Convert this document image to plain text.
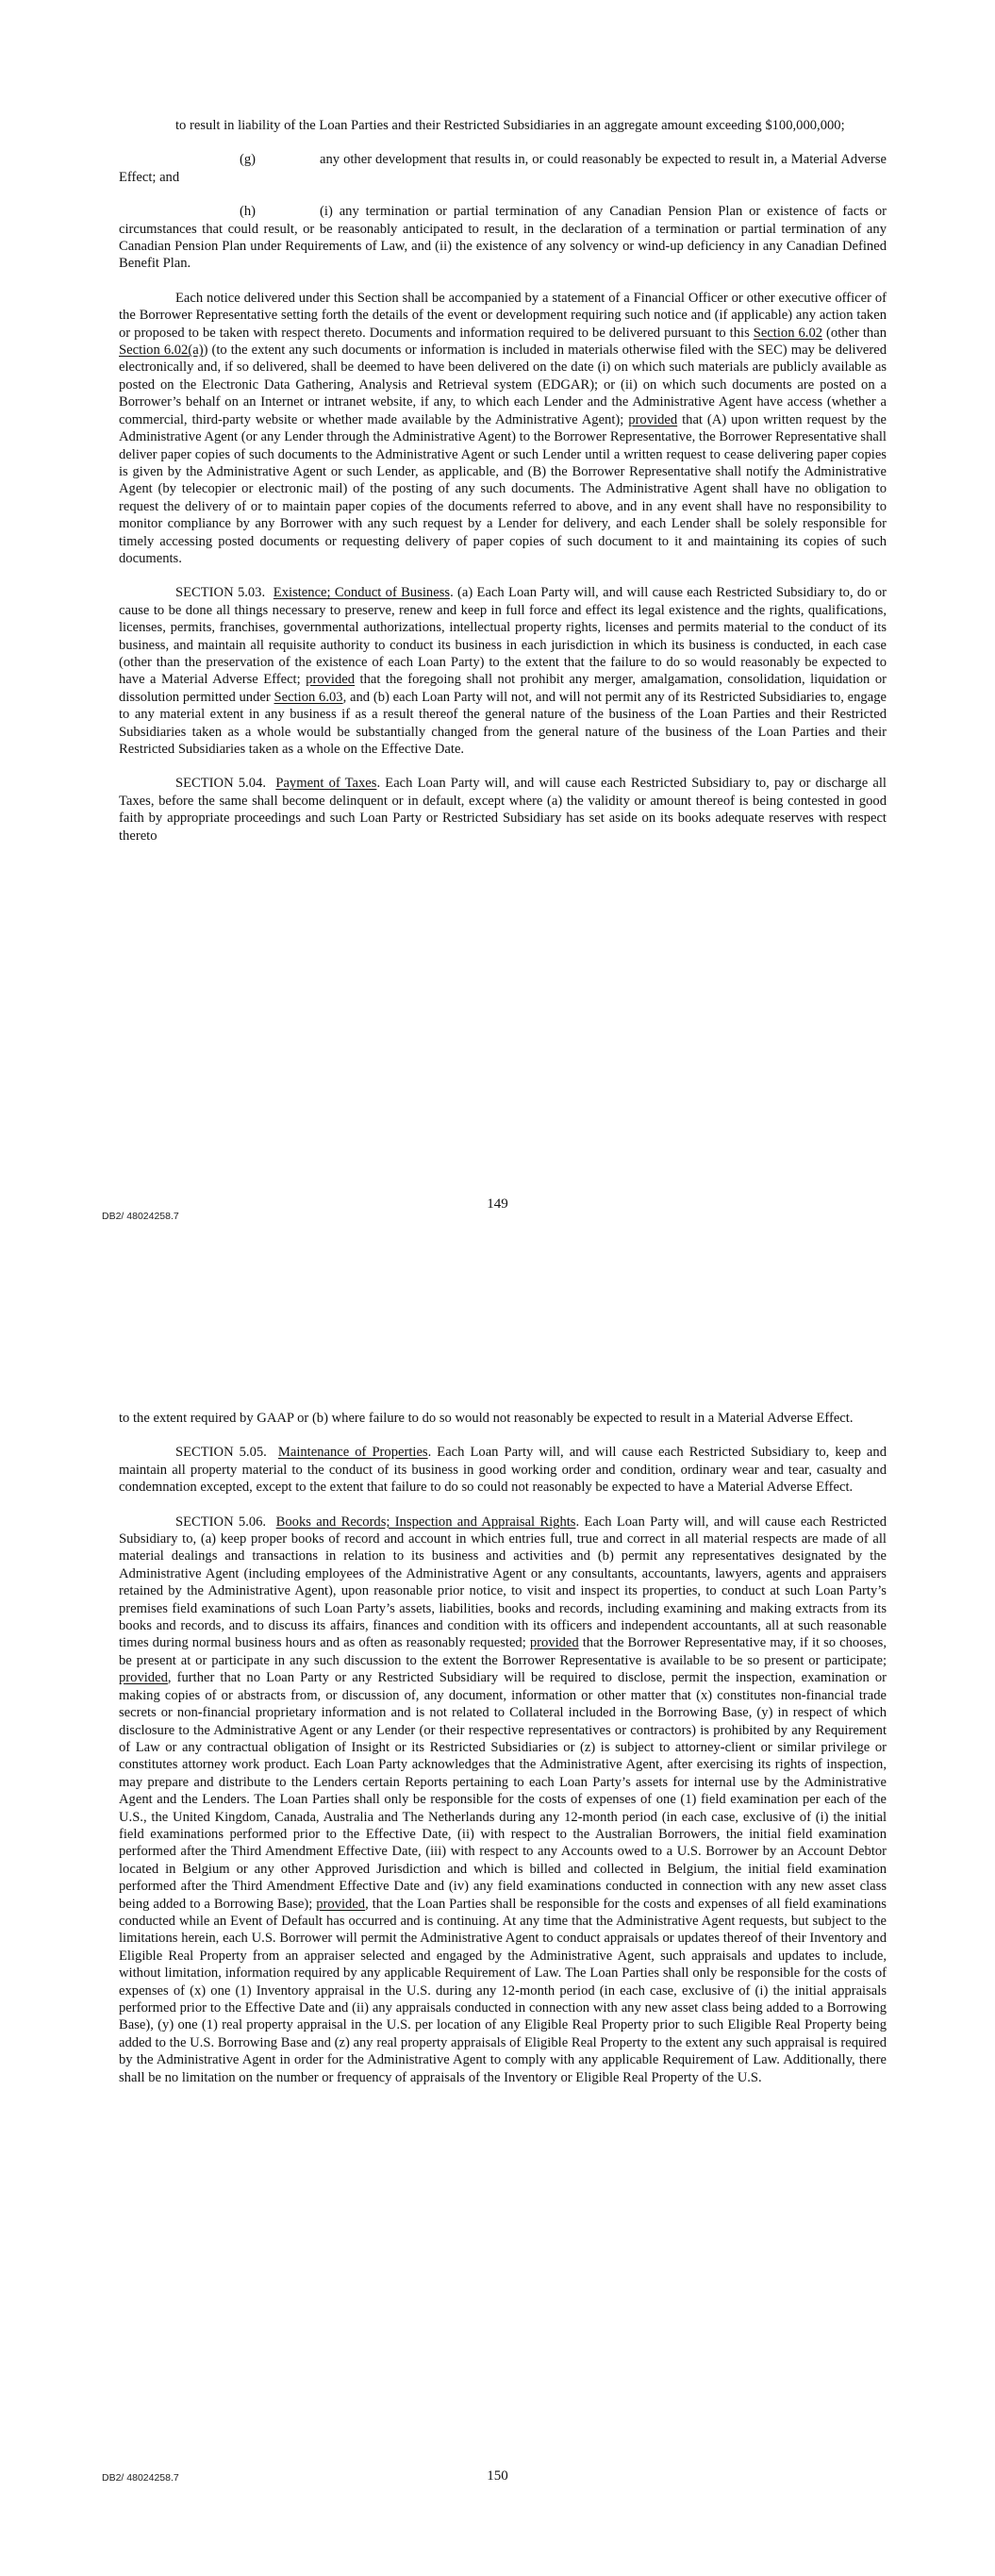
to result in liability of the Loan Parties and their Restricted Subsidiaries in an aggregate amount exceeding $100,000,000;

(g)	any other development that results in, or could reasonably be expected to result in, a Material Adverse Effect; and

(h)	(i) any termination or partial termination of any Canadian Pension Plan or existence of facts or circumstances that could result, or be reasonably anticipated to result, in the declaration of a termination or partial termination of any Canadian Pension Plan under Requirements of Law, and (ii) the existence of any solvency or wind-up deficiency in any Canadian Defined Benefit Plan.

Each notice delivered under this Section shall be accompanied by a statement of a Financial Officer or other executive officer of the Borrower Representative setting forth the details of the event or development requiring such notice and (if applicable) any action taken or proposed to be taken with respect thereto. Documents and information required to be delivered pursuant to this Section 6.02 (other than Section 6.02(a)) (to the extent any such documents or information is included in materials otherwise filed with the SEC) may be delivered electronically and, if so delivered, shall be deemed to have been delivered on the date (i) on which such materials are publicly available as posted on the Electronic Data Gathering, Analysis and Retrieval system (EDGAR); or (ii) on which such documents are posted on a Borrower’s behalf on an Internet or intranet website, if any, to which each Lender and the Administrative Agent have access (whether a commercial, third-party website or whether made available by the Administrative Agent); provided that (A) upon written request by the Administrative Agent (or any Lender through the Administrative Agent) to the Borrower Representative, the Borrower Representative shall deliver paper copies of such documents to the Administrative Agent or such Lender until a written request to cease delivering paper copies is given by the Administrative Agent or such Lender, as applicable, and (B) the Borrower Representative shall notify the Administrative Agent (by telecopier or electronic mail) of the posting of any such documents. The Administrative Agent shall have no obligation to request the delivery of or to maintain paper copies of the documents referred to above, and in any event shall have no responsibility to monitor compliance by any Borrower with any such request by a Lender for delivery, and each Lender shall be solely responsible for timely accessing posted documents or requesting delivery of paper copies of such document to it and maintaining its copies of such documents.

SECTION 5.03. Existence; Conduct of Business. (a) Each Loan Party will, and will cause each Restricted Subsidiary to, do or cause to be done all things necessary to preserve, renew and keep in full force and effect its legal existence and the rights, qualifications, licenses, permits, franchises, governmental authorizations, intellectual property rights, licenses and permits material to the conduct of its business, and maintain all requisite authority to conduct its business in each jurisdiction in which its business is conducted, in each case (other than the preservation of the existence of each Loan Party) to the extent that the failure to do so would reasonably be expected to have a Material Adverse Effect; provided that the foregoing shall not prohibit any merger, amalgamation, consolidation, liquidation or dissolution permitted under Section 6.03, and (b) each Loan Party will not, and will not permit any of its Restricted Subsidiaries to, engage to any material extent in any business if as a result thereof the general nature of the business of the Loan Parties and their Restricted Subsidiaries taken as a whole would be substantially changed from the general nature of the business of the Loan Parties and their Restricted Subsidiaries taken as a whole on the Effective Date.

SECTION 5.04. Payment of Taxes. Each Loan Party will, and will cause each Restricted Subsidiary to, pay or discharge all Taxes, before the same shall become delinquent or in default, except where (a) the validity or amount thereof is being contested in good faith by appropriate proceedings and such Loan Party or Restricted Subsidiary has set aside on its books adequate reserves with respect thereto

DB2/ 48024258.7
149

to the extent required by GAAP or (b) where failure to do so would not reasonably be expected to result in a Material Adverse Effect.

SECTION 5.05. Maintenance of Properties. Each Loan Party will, and will cause each Restricted Subsidiary to, keep and maintain all property material to the conduct of its business in good working order and condition, ordinary wear and tear, casualty and condemnation excepted, except to the extent that failure to do so could not reasonably be expected to have a Material Adverse Effect.

SECTION 5.06. Books and Records; Inspection and Appraisal Rights. Each Loan Party will, and will cause each Restricted Subsidiary to, (a) keep proper books of record and account in which entries full, true and correct in all material respects are made of all material dealings and transactions in relation to its business and activities and (b) permit any representatives designated by the Administrative Agent (including employees of the Administrative Agent or any consultants, accountants, lawyers, agents and appraisers retained by the Administrative Agent), upon reasonable prior notice, to visit and inspect its properties, to conduct at such Loan Party’s premises field examinations of such Loan Party’s assets, liabilities, books and records, including examining and making extracts from its books and records, and to discuss its affairs, finances and condition with its officers and independent accountants, all at such reasonable times during normal business hours and as often as reasonably requested; provided that the Borrower Representative may, if it so chooses, be present at or participate in any such discussion to the extent the Borrower Representative is available to be so present or participate; provided, further that no Loan Party or any Restricted Subsidiary will be required to disclose, permit the inspection, examination or making copies of or abstracts from, or discussion of, any document, information or other matter that (x) constitutes non-financial trade secrets or non-financial proprietary information and is not related to Collateral included in the Borrowing Base, (y) in respect of which disclosure to the Administrative Agent or any Lender (or their respective representatives or contractors) is prohibited by any Requirement of Law or any contractual obligation of Insight or its Restricted Subsidiaries or (z) is subject to attorney-client or similar privilege or constitutes attorney work product. Each Loan Party acknowledges that the Administrative Agent, after exercising its rights of inspection, may prepare and distribute to the Lenders certain Reports pertaining to each Loan Party’s assets for internal use by the Administrative Agent and the Lenders. The Loan Parties shall only be responsible for the costs of expenses of one (1) field examination per each of the U.S., the United Kingdom, Canada, Australia and The Netherlands during any 12-month period (in each case, exclusive of (i) the initial field examinations performed prior to the Effective Date, (ii) with respect to the Australian Borrowers, the initial field examination performed after the Third Amendment Effective Date, (iii) with respect to any Accounts owed to a U.S. Borrower by an Account Debtor located in Belgium or any other Approved Jurisdiction and which is billed and collected in Belgium, the initial field examination performed after the Third Amendment Effective Date and (iv) any field examinations conducted in connection with any new asset class being added to a Borrowing Base); provided, that the Loan Parties shall be responsible for the costs and expenses of all field examinations conducted while an Event of Default has occurred and is continuing. At any time that the Administrative Agent requests, but subject to the limitations herein, each U.S. Borrower will permit the Administrative Agent to conduct appraisals or updates thereof of their Inventory and Eligible Real Property from an appraiser selected and engaged by the Administrative Agent, such appraisals and updates to include, without limitation, information required by any applicable Requirement of Law. The Loan Parties shall only be responsible for the costs of expenses of (x) one (1) Inventory appraisal in the U.S. during any 12-month period (in each case, exclusive of (i) the initial appraisals performed prior to the Effective Date and (ii) any appraisals conducted in connection with any new asset class being added to a Borrowing Base), (y) one (1) real property appraisal in the U.S. per location of any Eligible Real Property prior to such Eligible Real Property being added to the U.S. Borrowing Base and (z) any real property appraisals of Eligible Real Property to the extent any such appraisal is required by the Administrative Agent in order for the Administrative Agent to comply with any applicable Requirement of Law. Additionally, there shall be no limitation on the number or frequency of appraisals of the Inventory or Eligible Real Property of the U.S.

DB2/ 48024258.7	150
